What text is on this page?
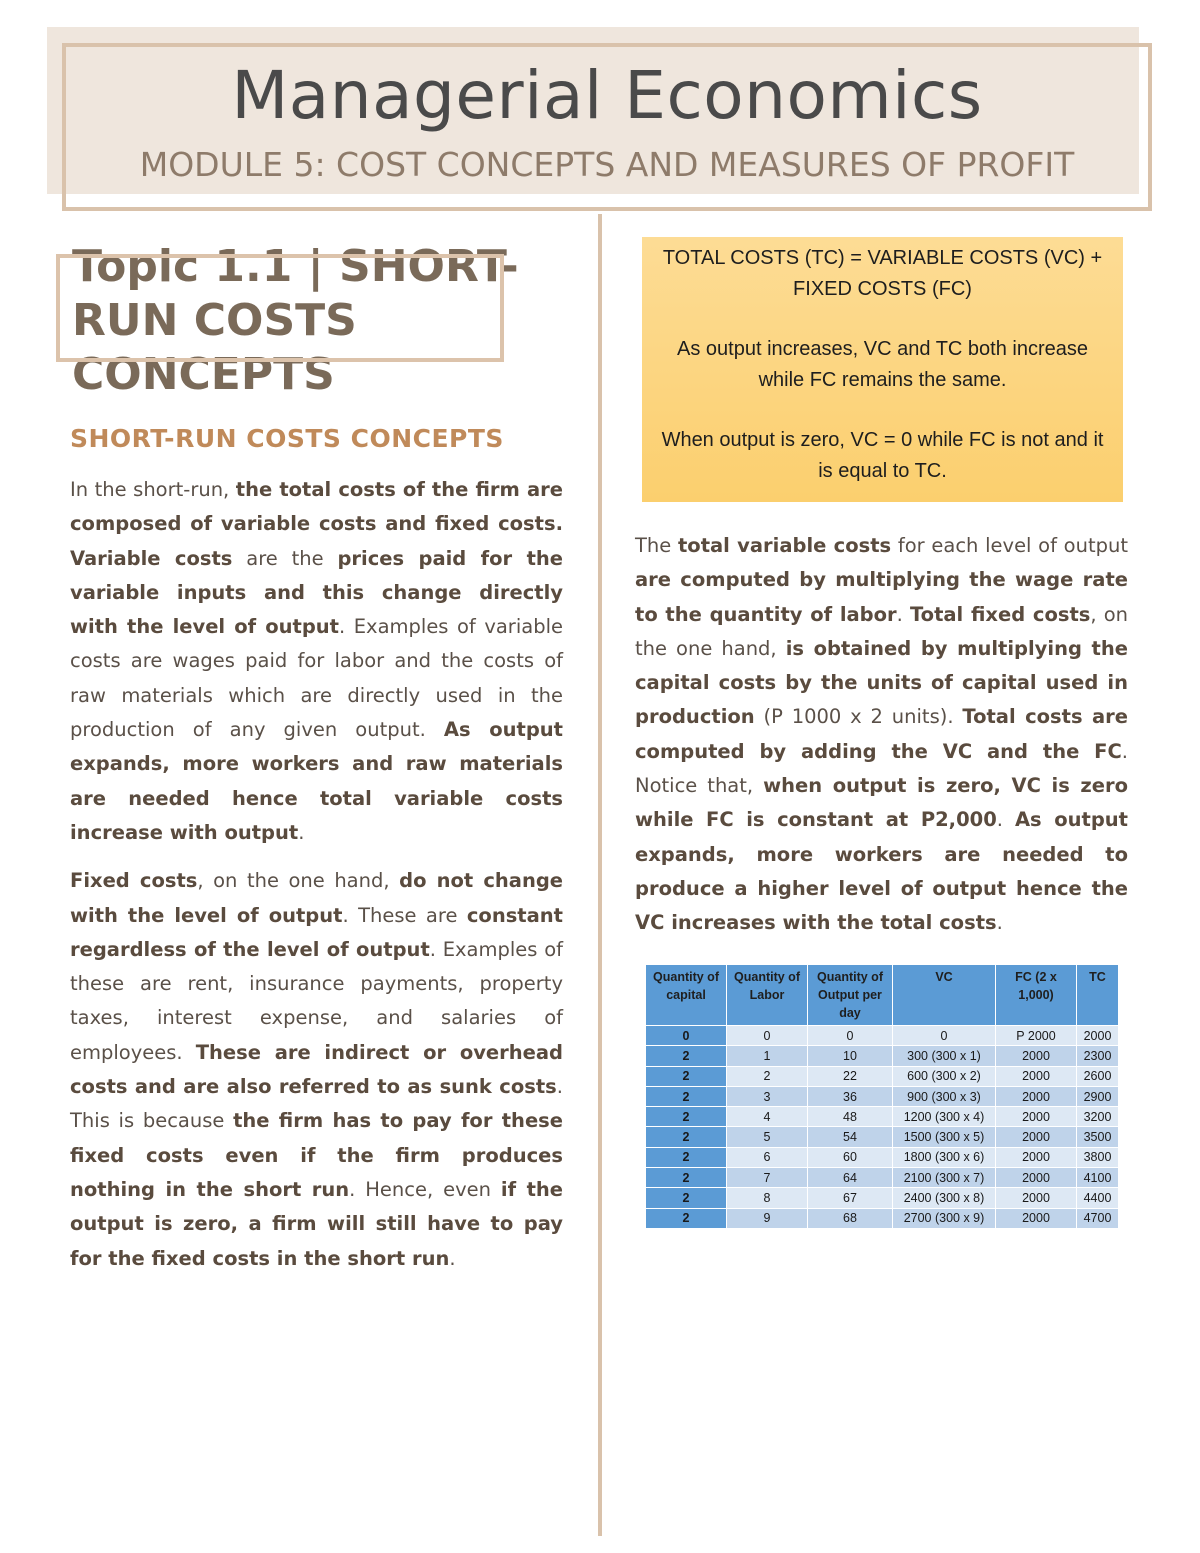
Managerial Economics
MODULE 5: COST CONCEPTS AND MEASURES OF PROFIT
Topic 1.1 | SHORT-RUN COSTS CONCEPTS
SHORT-RUN COSTS CONCEPTS

In the short-run, the total costs of the firm are composed of variable costs and fixed costs. Variable costs are the prices paid for the variable inputs and this change directly with the level of output. Examples of variable costs are wages paid for labor and the costs of raw materials which are directly used in the production of any given output. As output expands, more workers and raw materials are needed hence total variable costs increase with output.

Fixed costs, on the one hand, do not change with the level of output. These are constant regardless of the level of output. Examples of these are rent, insurance payments, property taxes, interest expense, and salaries of employees. These are indirect or overhead costs and are also referred to as sunk costs. This is because the firm has to pay for these fixed costs even if the firm produces nothing in the short run. Hence, even if the output is zero, a firm will still have to pay for the fixed costs in the short run.

TOTAL COSTS (TC) = VARIABLE COSTS (VC) + FIXED COSTS (FC)

As output increases, VC and TC both increase while FC remains the same.

When output is zero, VC = 0 while FC is not and it is equal to TC.

The total variable costs for each level of output are computed by multiplying the wage rate to the quantity of labor. Total fixed costs, on the one hand, is obtained by multiplying the capital costs by the units of capital used in production (P 1000 x 2 units). Total costs are computed by adding the VC and the FC. Notice that, when output is zero, VC is zero while FC is constant at P2,000. As output expands, more workers are needed to produce a higher level of output hence the VC increases with the total costs.

Quantity of capital	Quantity of Labor	Quantity of Output per day	VC	FC (2 x 1,000)	TC
0	0	0	0	P 2000	2000
2	1	10	300 (300 x 1)	2000	2300
2	2	22	600 (300 x 2)	2000	2600
2	3	36	900 (300 x 3)	2000	2900
2	4	48	1200 (300 x 4)	2000	3200
2	5	54	1500 (300 x 5)	2000	3500
2	6	60	1800 (300 x 6)	2000	3800
2	7	64	2100 (300 x 7)	2000	4100
2	8	67	2400 (300 x 8)	2000	4400
2	9	68	2700 (300 x 9)	2000	4700
